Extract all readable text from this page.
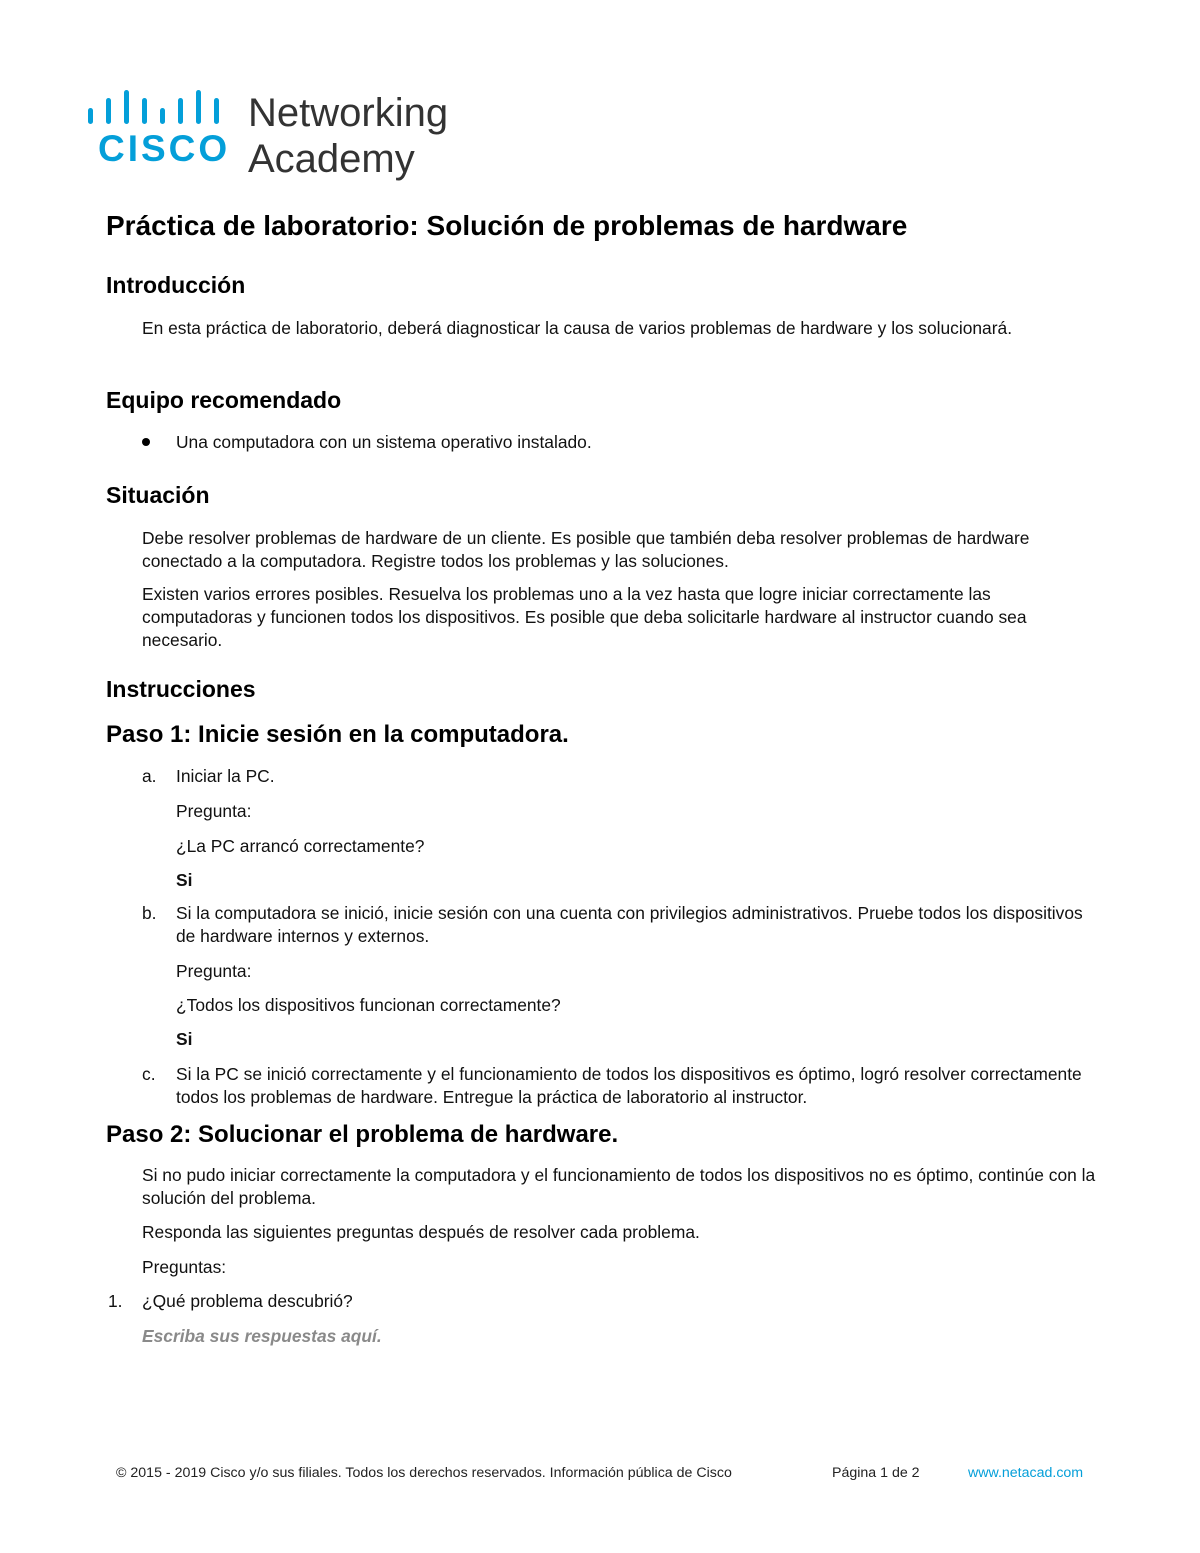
CISCO
Networking
Academy
Práctica de laboratorio: Solución de problemas de hardware
Introducción

En esta práctica de laboratorio, deberá diagnosticar la causa de varios problemas de hardware y los solucionará.

Equipo recomendado

Una computadora con un sistema operativo instalado.

Situación

Debe resolver problemas de hardware de un cliente. Es posible que también deba resolver problemas de hardware conectado a la computadora. Registre todos los problemas y las soluciones.

Existen varios errores posibles. Resuelva los problemas uno a la vez hasta que logre iniciar correctamente las computadoras y funcionen todos los dispositivos. Es posible que deba solicitarle hardware al instructor cuando sea necesario.

Instrucciones
Paso 1: Inicie sesión en la computadora.
a. Iniciar la PC.

Pregunta:

¿La PC arrancó correctamente?

Si

b. Si la computadora se inició, inicie sesión con una cuenta con privilegios administrativos. Pruebe todos los dispositivos de hardware internos y externos.

Pregunta:

¿Todos los dispositivos funcionan correctamente?

Si

c. Si la PC se inició correctamente y el funcionamiento de todos los dispositivos es óptimo, logró resolver correctamente todos los problemas de hardware. Entregue la práctica de laboratorio al instructor.

Paso 2: Solucionar el problema de hardware.

Si no pudo iniciar correctamente la computadora y el funcionamiento de todos los dispositivos no es óptimo, continúe con la solución del problema.

Responda las siguientes preguntas después de resolver cada problema.

Preguntas:

1. ¿Qué problema descubrió?

Escriba sus respuestas aquí.

© 2015 - 2019 Cisco y/o sus filiales. Todos los derechos reservados. Información pública de Cisco	Página 1 de 2	www.netacad.com
